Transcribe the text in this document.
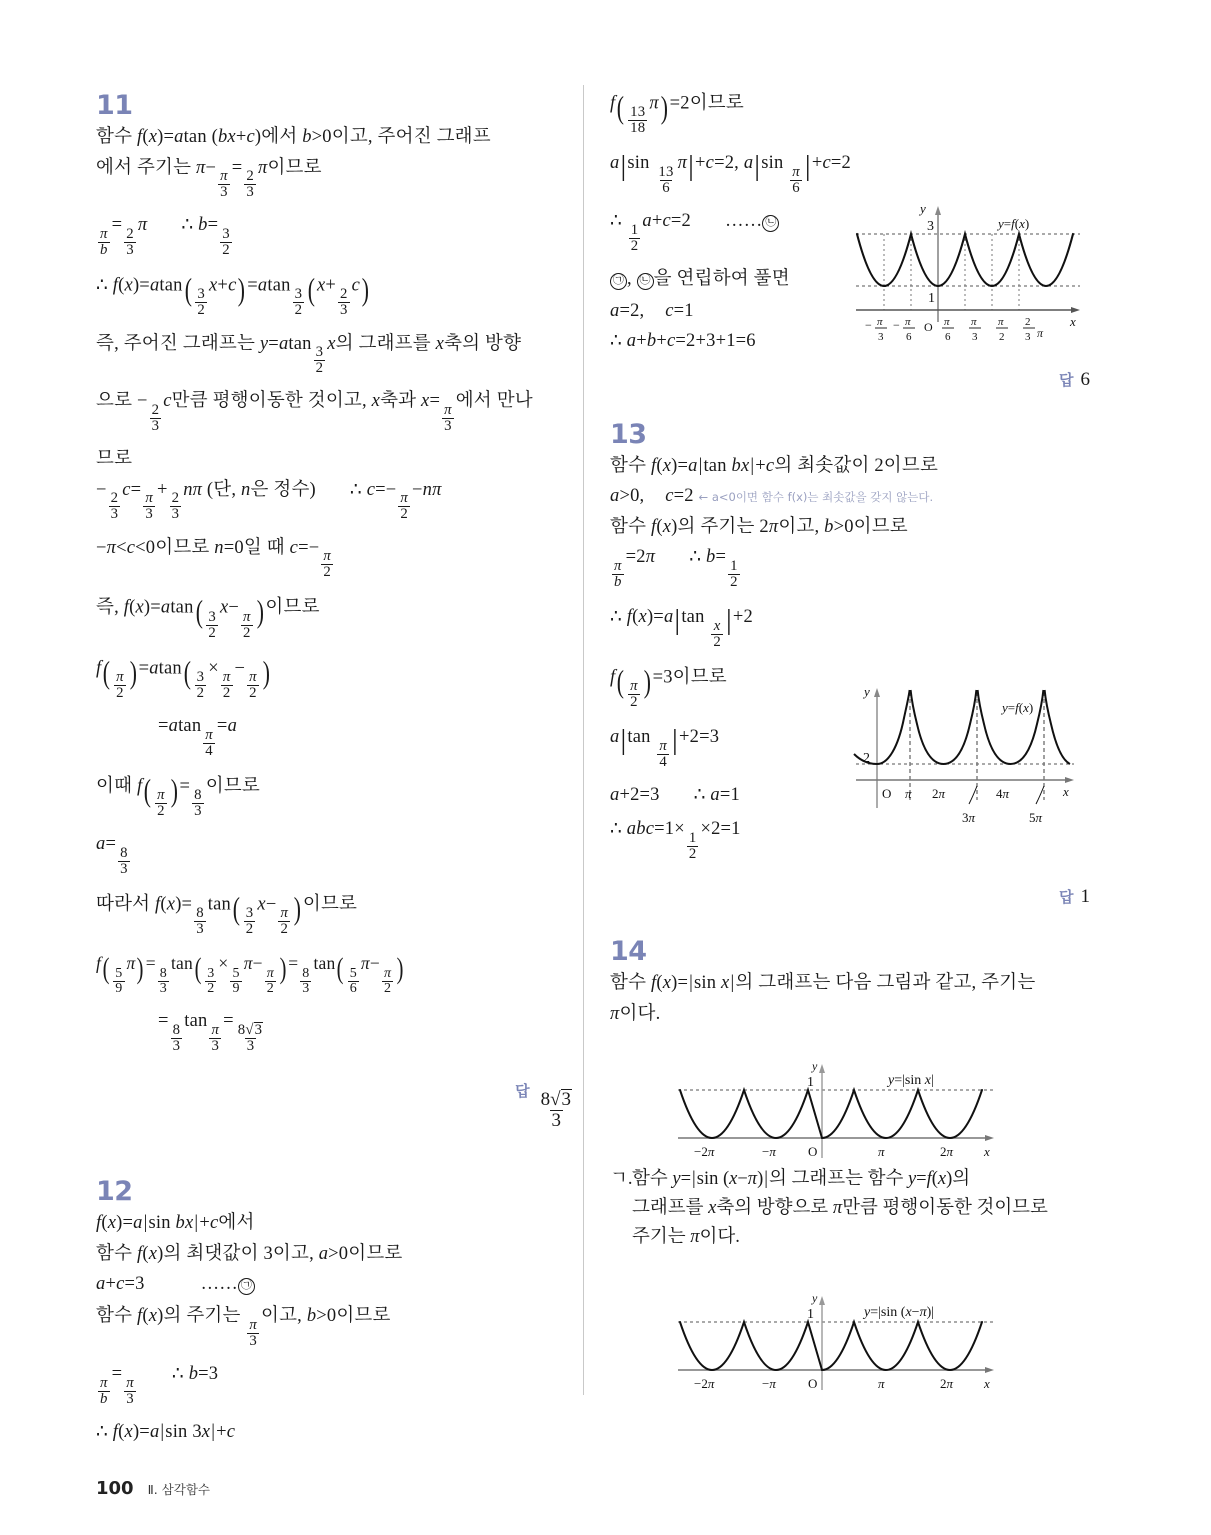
11
함수 f(x)=atan (bx+c)에서 b>0이고, 주어진 그래프
에서 주기는 π−
$\frac{\pi}{3}$
=
$\frac{2}{3}$
π이므로
$\frac{\pi}{b}$
=
$\frac{2}{3}$
π ∴ b=
$\frac{3}{2}$
∴ $f(x)=atan( \frac{3}{2}$
x+c)=atan
$\frac{3}{2} (x+$
$\frac{2}{3}$
c)
즉, 주어진 그래프는 y=atan
$\frac{3}{2}$
x의 그래프를 x축의 방향
으로 −
$\frac{2}{3}$
c만큼 평행이동한 것이고, x축과 x=
$\frac{\pi}{3}$
에서 만나
므로
−
$\frac{2}{3}$
c=
$\frac{\pi}{3}$
+
$\frac{2}{3}$
nπ (단, n은 정수) ∴ c=−
$\frac{\pi}{2}$
−nπ
−π<c<0이므로 n=0일 때 c=−
$\frac{\pi}{2}$
즉, $f(x)=atan( \frac{3}{2}$
x−
$\frac{\pi}{2}$ )이므로
$f( \frac{\pi}{2} )=atan( \frac{3}{2}$
×
$\frac{\pi}{2}$
−
$\frac{\pi}{2}$ )
=atan
$\frac{\pi}{4}$
=a
이때 $f( \frac{\pi}{2}$ )=
$\frac{8}{3}$
이므로
a=
$\frac{8}{3}$
따라서 f(x)=
$\frac{8}{3}$
$\tan( \frac{3}{2}$
x−
$\frac{\pi}{2}$ )이므로
$f( \frac{5}{9}$
π)=
$\frac{8}{3}$
$\tan( \frac{3}{2}$
×
$\frac{5}{9}$
π−
$\frac{\pi}{2}$ )=
$\frac{8}{3}$
$\tan( \frac{5}{6}$
π−
$\frac{\pi}{2}$ )
=
$\frac{8}{3}$
tan
$\frac{\pi}{3}$
=
$\frac{8√3}{3}$
답 $\frac{8√3}{3}$
12
f(x)=a|sin bx|+c에서
함수 f(x)의 최댓값이 3이고, a>0이므로
a+c=3	…… ㉠
함수 f(x)의 주기는
$\frac{\pi}{3}$
이고, b>0이므로
$\frac{\pi}{b}$
=
$\frac{\pi}{3}$
∴ b=3
∴ f(x)=a|sin 3x|+c
$f( \frac{13}{18}$
π)=2이므로
a|sin
$\frac{13}{6}$
π|+c=2, a|sin
$\frac{\pi}{6} |+c=2$
∴
$\frac{1}{2}$
a+c=2 …… ㉡
㉠ , ㉡ 을 연립하여 풀면
a=2, c=1
∴ a+b+c=2+3+1=6
답 6
13
함수 f(x)=a|tan bx|+c의 최솟값이 2이므로
a>0, c=2 ← a<0이면 함수 f(x)는 최솟값을 갖지 않는다.
함수 f(x)의 주기는 2π이고, b>0이므로
$\frac{\pi}{b}$
=2π ∴ b=
$\frac{1}{2}$
∴ f(x)=a|tan
$\frac{x}{2} |+2$
$f( \frac{\pi}{2} )=3$이므로
a|tan
$\frac{\pi}{4} |+2=3$
a+2=3 ∴ a=1
∴ abc=1×
$\frac{1}{2}$
×2=1
답 1
14
함수 f(x)=|sin x|의 그래프는 다음 그림과 같고, 주기는
π이다.
ㄱ.함수 y=|sin (x−π)|의 그래프는 함수 y=f(x)의
그래프를 x축의 방향으로 π만큼 평행이동한 것이므로
주기는 π이다.
3
1
y
x
y=f(x)
− π
3
− π
6
O π
6
π
3
π
2
2
3 π
y
x
2
O π 2π	4π
3π	5π
y=f(x)
1
y
x
−2π	−π O	π	2π
y=|sin x|
1
y
x
−2π	−π O	π	2π
y=|sin (x−π)|
100 Ⅱ. 삼각함수
